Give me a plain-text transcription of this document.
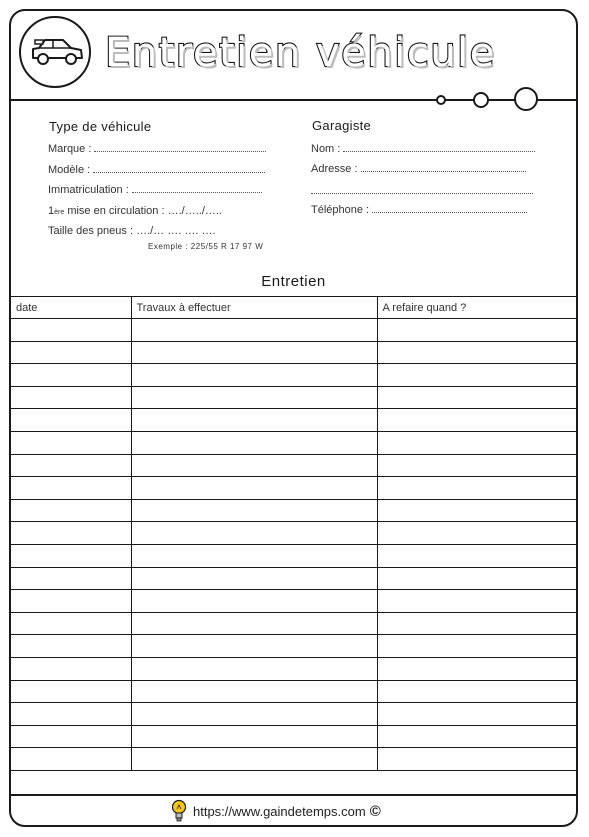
Entretien véhicule
Type de véhicule
Marque :
Modèle :
Immatriculation :
1ère mise en circulation : …./…../…..
Taille des pneus : …./… …. …. ….
Exemple : 225/55 R 17 97 W
Garagiste
Nom :
Adresse :
Téléphone :
Entretien
date	Travaux à effectuer	A refaire quand ?

https://www.gaindetemps.com ©
